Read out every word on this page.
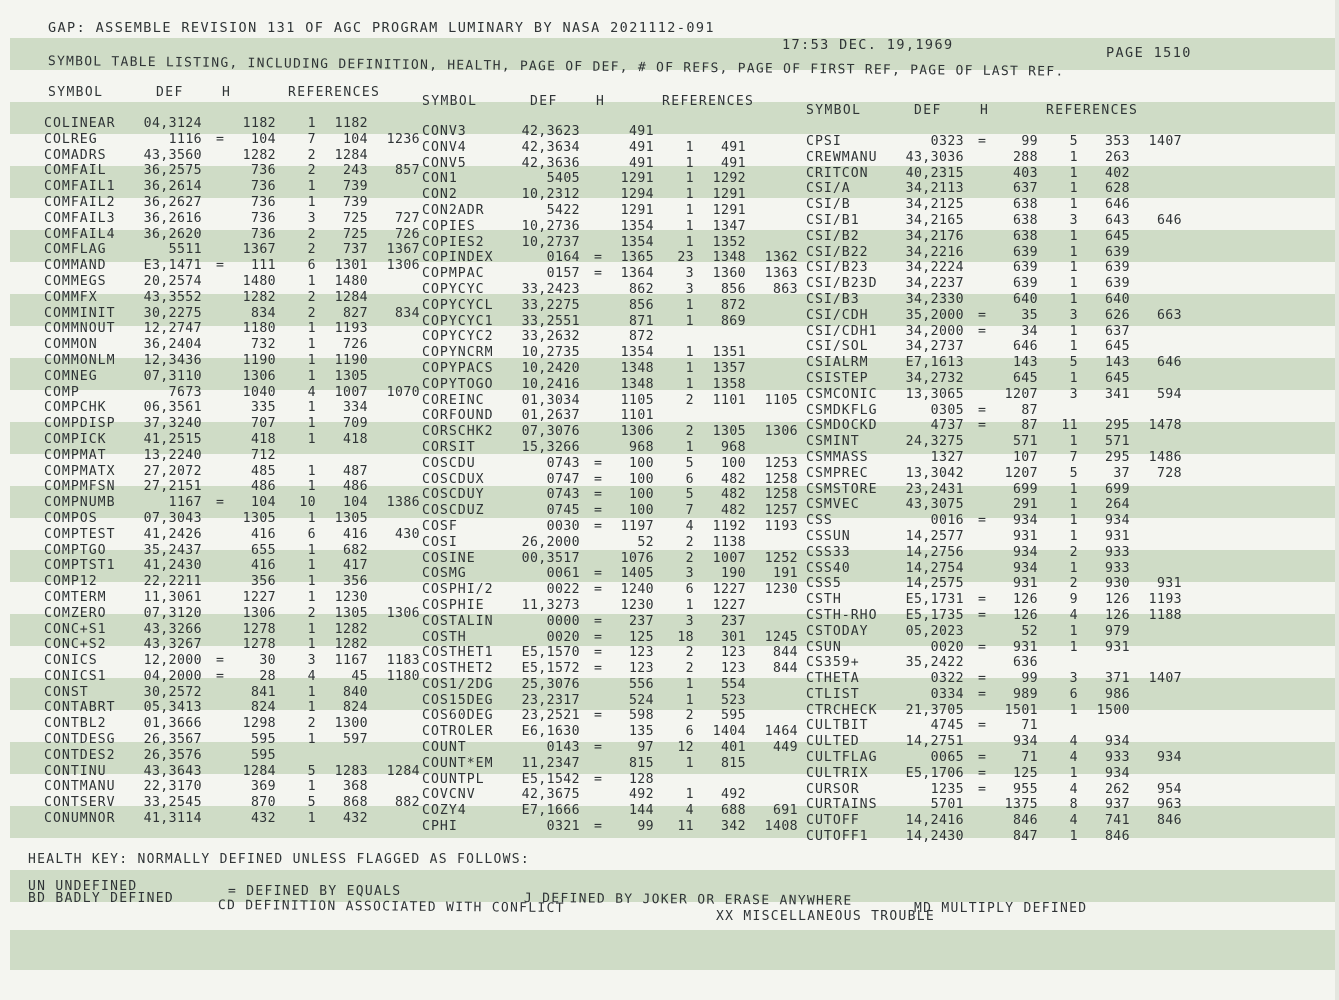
GAP: ASSEMBLE REVISION 131 OF AGC PROGRAM LUMINARY BY NASA 2021112-091
17:53 DEC. 19,1969	PAGE 1510
SYMBOL TABLE LISTING, INCLUDING DEFINITION, HEALTH, PAGE OF DEF, # OF REFS, PAGE OF FIRST REF, PAGE OF LAST REF.
SYMBOL	DEF	H	REFERENCES
SYMBOL	DEF	H	REFERENCES
SYMBOL	DEF	H	REFERENCES
COLINEAR	04,3124	1182	1	1182
COLREG	1116 =	104	7	104	1236
COMADRS	43,3560	1282	2	1284
COMFAIL	36,2575	736	2	243	857
COMFAIL1	36,2614	736	1	739
COMFAIL2	36,2627	736	1	739
COMFAIL3	36,2616	736	3	725	727
COMFAIL4	36,2620	736	2	725	726
COMFLAG	5511	1367	2	737	1367
COMMAND	E3,1471 =	111	6	1301	1306
COMMEGS	20,2574	1480	1	1480
COMMFX	43,3552	1282	2	1284
COMMINIT	30,2275	834	2	827	834
COMMNOUT	12,2747	1180	1	1193
COMMON	36,2404	732	1	726
COMMONLM	12,3436	1190	1	1190
COMNEG	07,3110	1306	1	1305
COMP	7673	1040	4	1007	1070
COMPCHK	06,3561	335	1	334
COMPDISP	37,3240	707	1	709
COMPICK	41,2515	418	1	418
COMPMAT	13,2240	712
COMPMATX	27,2072	485	1	487
COMPMFSN	27,2151	486	1	486
COMPNUMB	1167 =	104	10	104	1386
COMPOS	07,3043	1305	1	1305
COMPTEST	41,2426	416	6	416	430
COMPTGO	35,2437	655	1	682
COMPTST1	41,2430	416	1	417
COMP12	22,2211	356	1	356
COMTERM	11,3061	1227	1	1230
COMZERO	07,3120	1306	2	1305	1306
CONC+S1	43,3266	1278	1	1282
CONC+S2	43,3267	1278	1	1282
CONICS	12,2000 =	30	3	1167	1183
CONICS1	04,2000 =	28	4	45	1180
CONST	30,2572	841	1	840
CONTABRT	05,3413	824	1	824
CONTBL2	01,3666	1298	2	1300
CONTDESG	26,3567	595	1	597
CONTDES2	26,3576	595
CONTINU	43,3643	1284	5	1283	1284
CONTMANU	22,3170	369	1	368
CONTSERV	33,2545	870	5	868	882
CONUMNOR	41,3114	432	1	432
CONV3	42,3623	491
CONV4	42,3634	491	1	491
CONV5	42,3636	491	1	491
CON1	5405	1291	1	1292
CON2	10,2312	1294	1	1291
CON2ADR	5422	1291	1	1291
COPIES	10,2736	1354	1	1347
COPIES2	10,2737	1354	1	1352
COPINDEX	0164 =	1365	23	1348	1362
COPMPAC	0157 =	1364	3	1360	1363
COPYCYC	33,2423	862	3	856	863
COPYCYCL	33,2275	856	1	872
COPYCYC1	33,2551	871	1	869
COPYCYC2	33,2632	872
COPYNCRM	10,2735	1354	1	1351
COPYPACS	10,2420	1348	1	1357
COPYTOGO	10,2416	1348	1	1358
COREINC	01,3034	1105	2	1101	1105
CORFOUND	01,2637	1101
CORSCHK2	07,3076	1306	2	1305	1306
CORSIT	15,3266	968	1	968
COSCDU	0743 =	100	5	100	1253
COSCDUX	0747 =	100	6	482	1258
COSCDUY	0743 =	100	5	482	1258
COSCDUZ	0745 =	100	7	482	1257
COSF	0030 =	1197	4	1192	1193
COSI	26,2000	52	2	1138
COSINE	00,3517	1076	2	1007	1252
COSMG	0061 =	1405	3	190	191
COSPHI/2	0022 =	1240	6	1227	1230
COSPHIE	11,3273	1230	1	1227
COSTALIN	0000 =	237	3	237
COSTH	0020 =	125	18	301	1245
COSTHET1	E5,1570 =	123	2	123	844
COSTHET2	E5,1572 =	123	2	123	844
COS1/2DG	25,3076	556	1	554
COS15DEG	23,2317	524	1	523
COS60DEG	23,2521 =	598	2	595
COTROLER	E6,1630	135	6	1404	1464
COUNT	0143 =	97	12	401	449
COUNT*EM	11,2347	815	1	815
COUNTPL	E5,1542 =	128
COVCNV	42,3675	492	1	492
COZY4	E7,1666	144	4	688	691
CPHI	0321 =	99	11	342	1408
CPSI	0323 =	99	5	353	1407
CREWMANU	43,3036	288	1	263
CRITCON	40,2315	403	1	402
CSI/A	34,2113	637	1	628
CSI/B	34,2125	638	1	646
CSI/B1	34,2165	638	3	643	646
CSI/B2	34,2176	638	1	645
CSI/B22	34,2216	639	1	639
CSI/B23	34,2224	639	1	639
CSI/B23D	34,2237	639	1	639
CSI/B3	34,2330	640	1	640
CSI/CDH	35,2000 =	35	3	626	663
CSI/CDH1	34,2000 =	34	1	637
CSI/SOL	34,2737	646	1	645
CSIALRM	E7,1613	143	5	143	646
CSISTEP	34,2732	645	1	645
CSMCONIC	13,3065	1207	3	341	594
CSMDKFLG	0305 =	87
CSMDOCKD	4737 =	87	11	295	1478
CSMINT	24,3275	571	1	571
CSMMASS	1327	107	7	295	1486
CSMPREC	13,3042	1207	5	37	728
CSMSTORE	23,2431	699	1	699
CSMVEC	43,3075	291	1	264
CSS	0016 =	934	1	934
CSSUN	14,2577	931	1	931
CSS33	14,2756	934	2	933
CSS40	14,2754	934	1	933
CSS5	14,2575	931	2	930	931
CSTH	E5,1731 =	126	9	126	1193
CSTH-RHO	E5,1735 =	126	4	126	1188
CSTODAY	05,2023	52	1	979
CSUN	0020 =	931	1	931
CS359+	35,2422	636
CTHETA	0322 =	99	3	371	1407
CTLIST	0334 =	989	6	986
CTRCHECK	21,3705	1501	1	1500
CULTBIT	4745 =	71
CULTED	14,2751	934	4	934
CULTFLAG	0065 =	71	4	933	934
CULTRIX	E5,1706 =	125	1	934
CURSOR	1235 =	955	4	262	954
CURTAINS	5701	1375	8	937	963
CUTOFF	14,2416	846	4	741	846
CUTOFF1	14,2430	847	1	846
HEALTH KEY: NORMALLY DEFINED UNLESS FLAGGED AS FOLLOWS:
UN UNDEFINED
BD BADLY DEFINED	= DEFINED BY EQUALS
CD DEFINITION ASSOCIATED WITH CONFLICT
J DEFINED BY JOKER OR ERASE ANYWHERE
XX MISCELLANEOUS TROUBLE
MD MULTIPLY DEFINED
